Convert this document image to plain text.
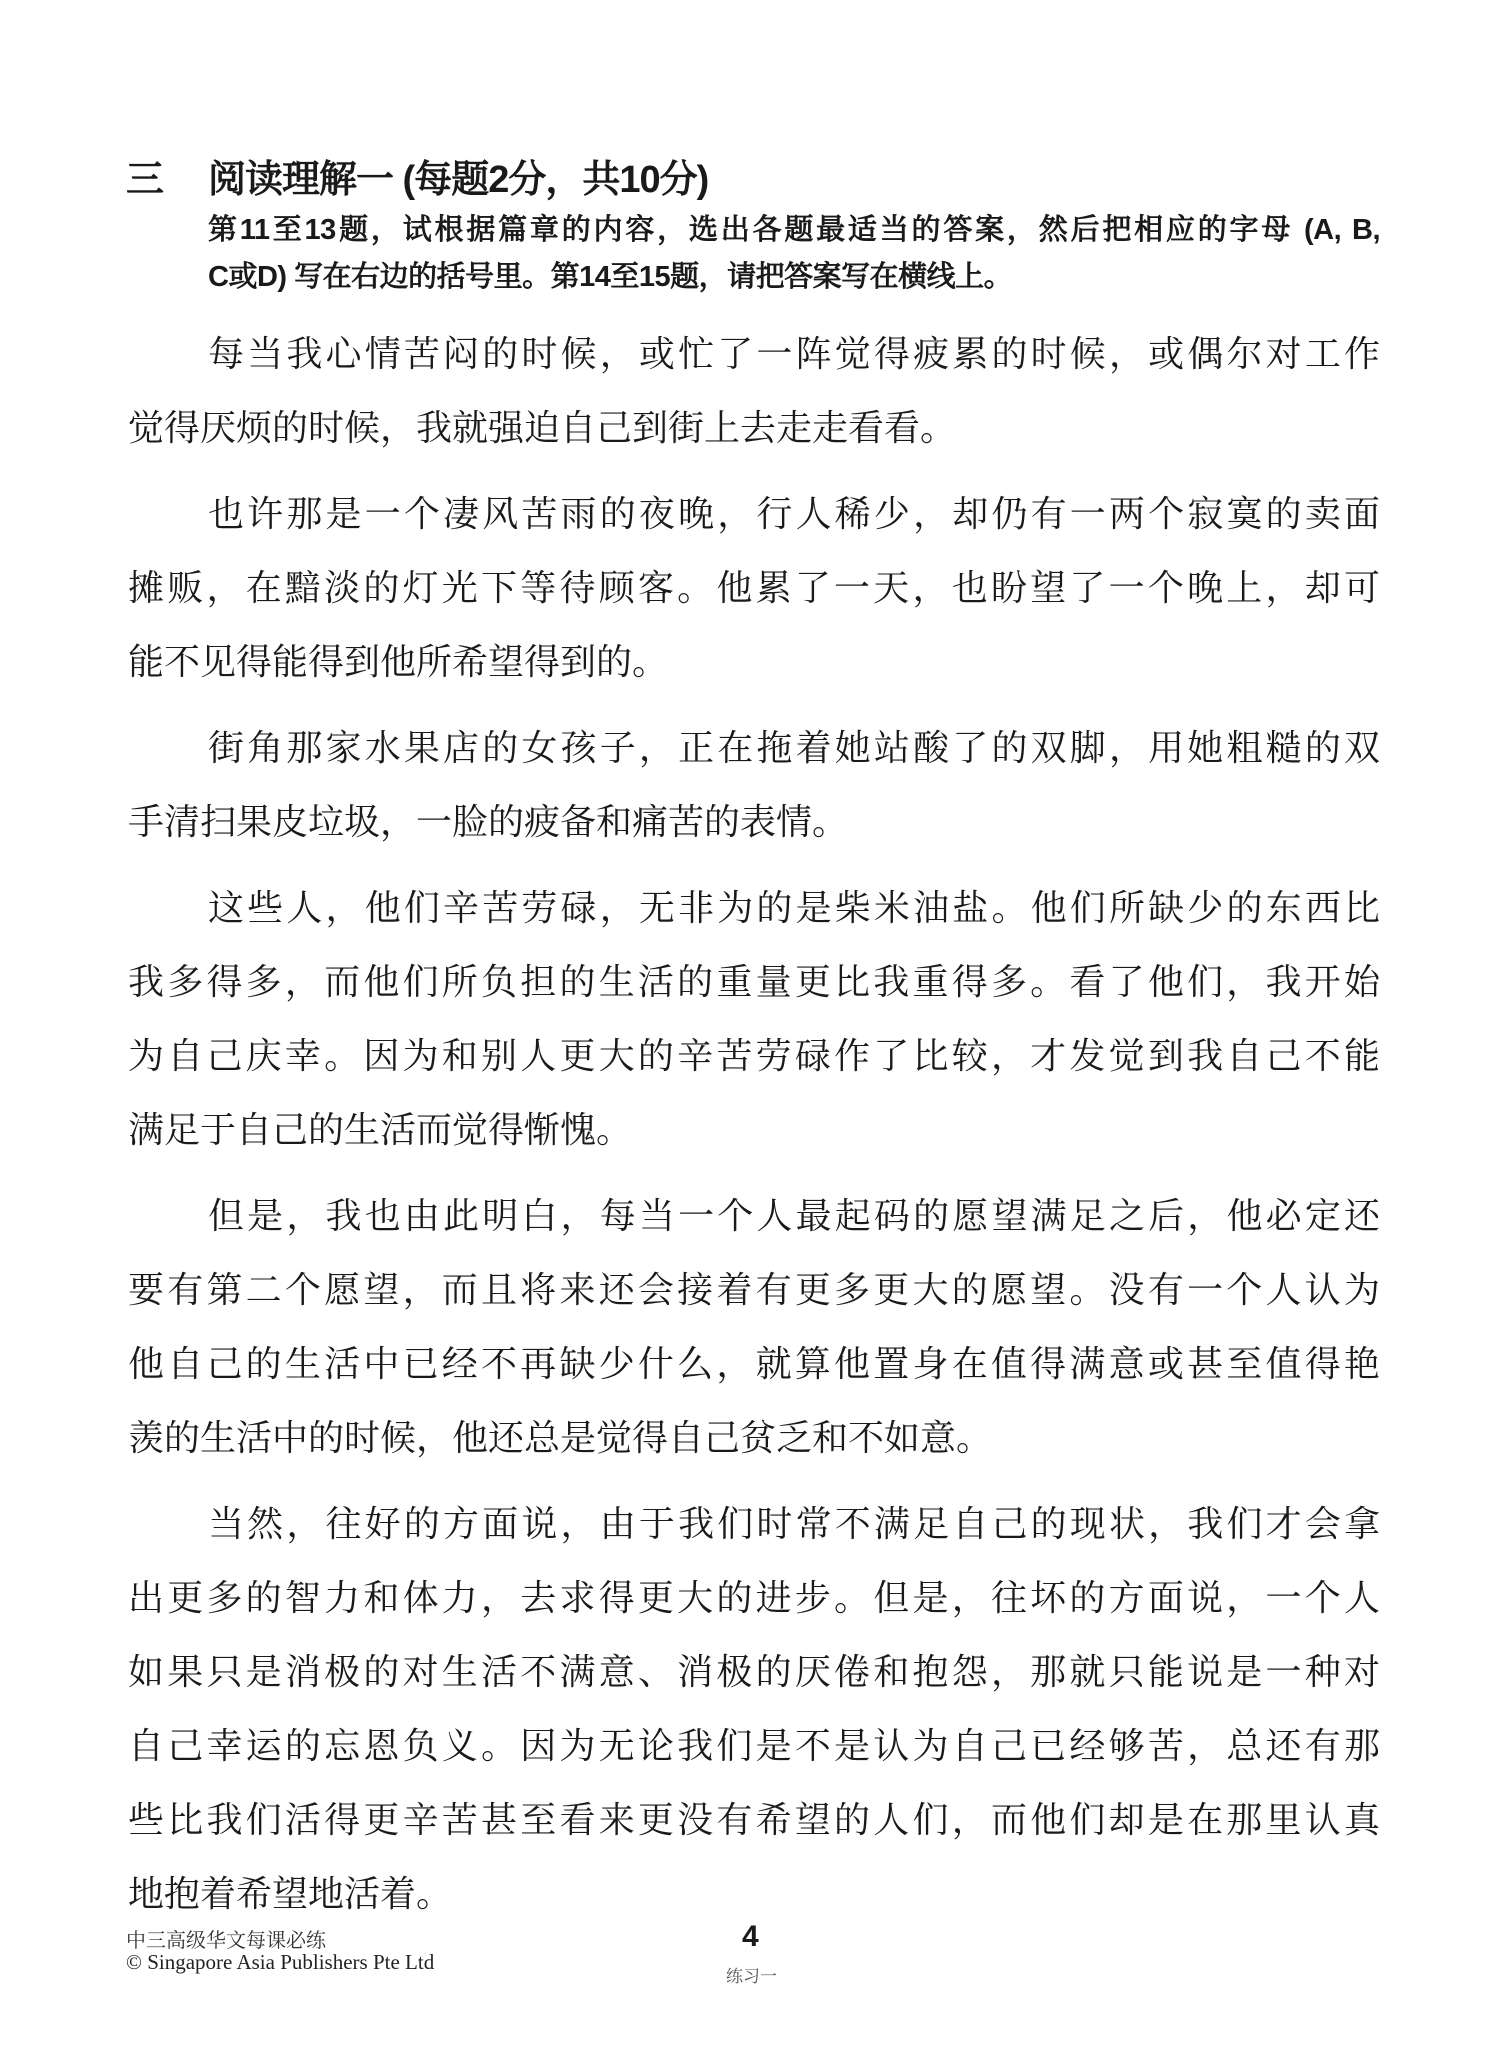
三 阅读理解一 (每题2分，共10分)
第11至13题，试根据篇章的内容，选出各题最适当的答案，然后把相应的字母 (A, B,
C或D) 写在右边的括号里。第14至15题，请把答案写在横线上。
每当我心情苦闷的时候，或忙了一阵觉得疲累的时候，或偶尔对工作
觉得厌烦的时候，我就强迫自己到街上去走走看看。
也许那是一个凄风苦雨的夜晚，行人稀少，却仍有一两个寂寞的卖面
摊贩，在黯淡的灯光下等待顾客。他累了一天，也盼望了一个晚上，却可
能不见得能得到他所希望得到的。
街角那家水果店的女孩子，正在拖着她站酸了的双脚，用她粗糙的双
手清扫果皮垃圾，一脸的疲备和痛苦的表情。
这些人，他们辛苦劳碌，无非为的是柴米油盐。他们所缺少的东西比
我多得多，而他们所负担的生活的重量更比我重得多。看了他们，我开始
为自己庆幸。因为和别人更大的辛苦劳碌作了比较，才发觉到我自己不能
满足于自己的生活而觉得惭愧。
但是，我也由此明白，每当一个人最起码的愿望满足之后，他必定还
要有第二个愿望，而且将来还会接着有更多更大的愿望。没有一个人认为
他自己的生活中已经不再缺少什么，就算他置身在值得满意或甚至值得艳
羡的生活中的时候，他还总是觉得自己贫乏和不如意。
当然，往好的方面说，由于我们时常不满足自己的现状，我们才会拿
出更多的智力和体力，去求得更大的进步。但是，往坏的方面说，一个人
如果只是消极的对生活不满意、消极的厌倦和抱怨，那就只能说是一种对
自己幸运的忘恩负义。因为无论我们是不是认为自己已经够苦，总还有那
些比我们活得更辛苦甚至看来更没有希望的人们，而他们却是在那里认真
地抱着希望地活着。
中三高级华文每课必练
© Singapore Asia Publishers Pte Ltd
4
练习一
